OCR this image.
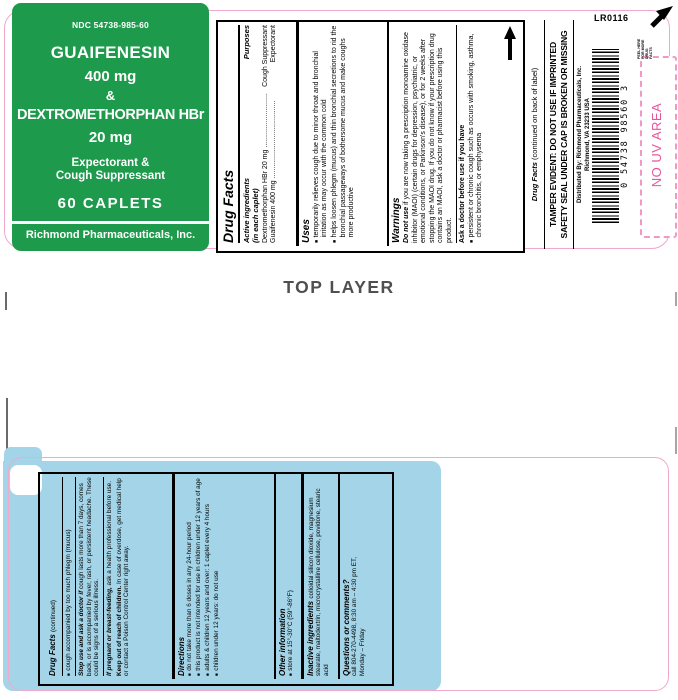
NDC 54738-985-60
GUAIFENESIN
400 mg
&
DEXTROMETHORPHAN HBr
20 mg
Expectorant &
Cough Suppressant
60 CAPLETS
Richmond Pharmaceuticals, Inc. Drug Facts Active ingredients
Purposes
(in each caplet) Dextromethorphan HBr 20 mg
............................
Cough Suppressant
Guaifenesin 400 mg
........................................
Expectorant
Uses ■
temporarily relieves cough due to minor throat and bronchial irritation as may occur with the common cold
■
helps loosen phlegm (mucus) and thin bronchial secretions to rid the bronchial passageways of bothersome mucus and make coughs more productive	Warnings Do not use if you are now taking a prescription monoamine oxidase inhibitor (MAOI) (certain drugs for depression, psychiatric, or emotional conditions, or Parkinson's disease), or for 2 weeks after stopping the MAOI drug. If you do not know if your prescription drug contains an MAOI, ask a doctor or pharmacist before using this product. Ask a doctor before use if you have ■
persistent or chronic cough such as occurs with smoking, asthma, chronic bronchitis, or emphysema	Drug Facts (continued on back of label)	TAMPER EVIDENT: DO NOT USE IF IMPRINTED SAFETY SEAL UNDER CAP IS BROKEN OR MISSING Distributed By: Richmond Pharmaceuticals, Inc. Richmond, VA 23233 USA
LR0116
0 54738 98560 3	NO UV AREA
PEEL HERE FOR MORE DRUG FACTS
TOP LAYER
Drug Facts (continued)
■
cough accompanied by too much phlegm (mucus) Stop use and ask a doctor if cough lasts more than 7 days, comes back, or is accompanied by fever, rash, or persistent headache. These could be signs of a serious illness. If pregnant or breast-feeding, ask a health professional before use.
Keep out of reach of children. In case of overdose, get medical help or contact a Poison Control Center right away.	Directions ■
do not take more than 6 doses in any 24-hour period
■
this product is not intended for use in children under 12 years of age
■
adults & children 12 years and over: 1 caplet every 4 hours
■
children under 12 years: do not use	Other information ■
store at 15°-30°C (59°-86°F) Inactive ingredients colloidal silicon dioxide, magnesium stearate, maltodextrin, microcrystalline cellulose, povidone, stearic acid Questions or comments? call 804-270-4498, 8:30 am – 4:30 pm ET, Monday – Friday
